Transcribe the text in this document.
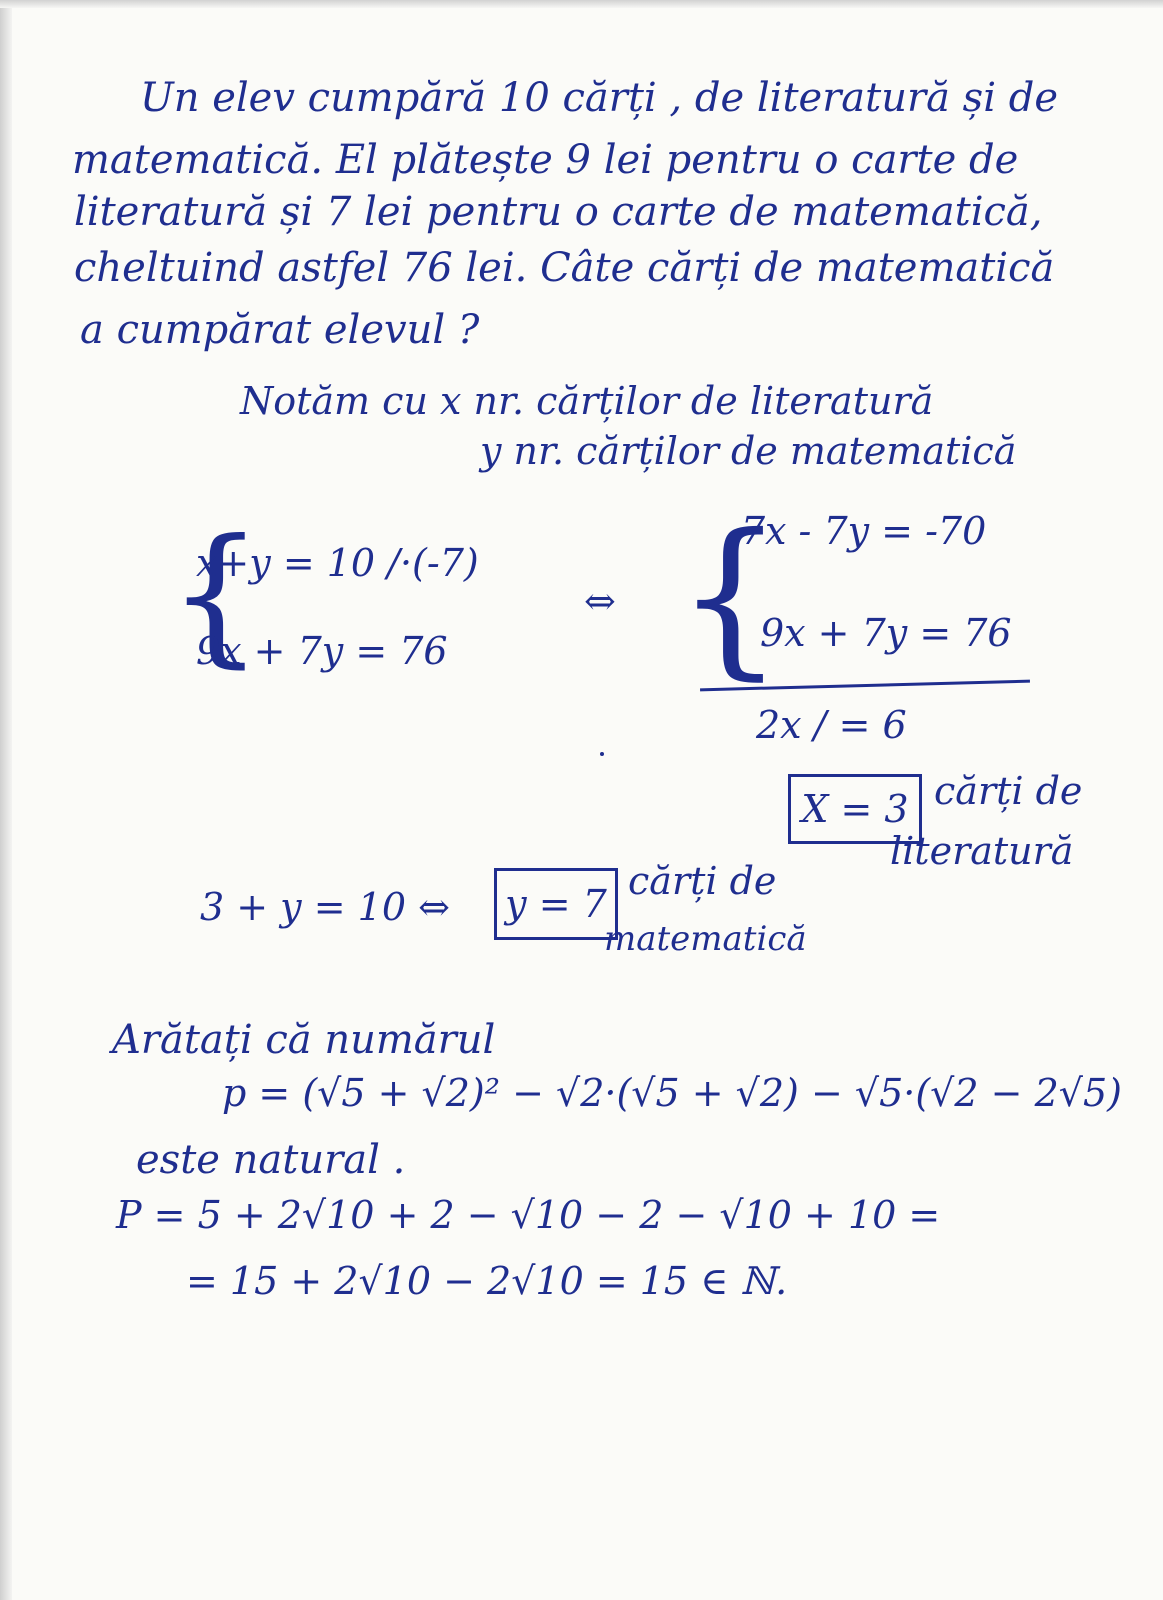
Un elev cumpără 10 cărți , de literatură și de
matematică. El plătește 9 lei pentru o carte de
literatură și 7 lei pentru o carte de matematică,
cheltuind astfel 76 lei. Câte cărți de matematică
a cumpărat elevul ?
Notăm cu x nr. cărților de literatură
y nr. cărților de matematică
{
x+y = 10 /·(-7)
9x + 7y = 76
⇔ {
-7x - 7y = -70
9x + 7y = 76
2x / = 6
X = 3 cărți de
literatură
3 + y = 10 ⇔ y = 7
cărți de
matematică
Arătați că numărul
p = (√5 + √2)² − √2·(√5 + √2) − √5·(√2 − 2√5)
este natural .
P = 5 + 2√10 + 2 − √10 − 2 − √10 + 10 =
= 15 + 2√10 − 2√10 = 15 ∈ ℕ.
